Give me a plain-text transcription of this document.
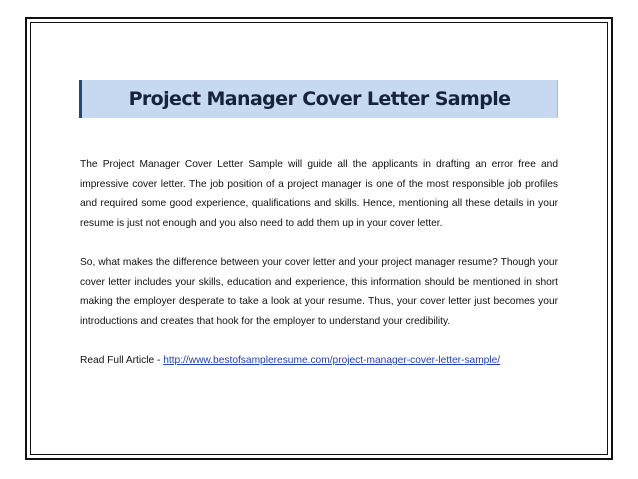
Project Manager Cover Letter Sample

The Project Manager Cover Letter Sample will guide all the applicants in drafting an error free and impressive cover letter. The job position of a project manager is one of the most responsible job profiles and required some good experience, qualifications and skills. Hence, mentioning all these details in your resume is just not enough and you also need to add them up in your cover letter.

So, what makes the difference between your cover letter and your project manager resume? Though your cover letter includes your skills, education and experience, this information should be mentioned in short making the employer desperate to take a look at your resume. Thus, your cover letter just becomes your introductions and creates that hook for the employer to understand your credibility.

Read Full Article - http://www.bestofsampleresume.com/project-manager-cover-letter-sample/
